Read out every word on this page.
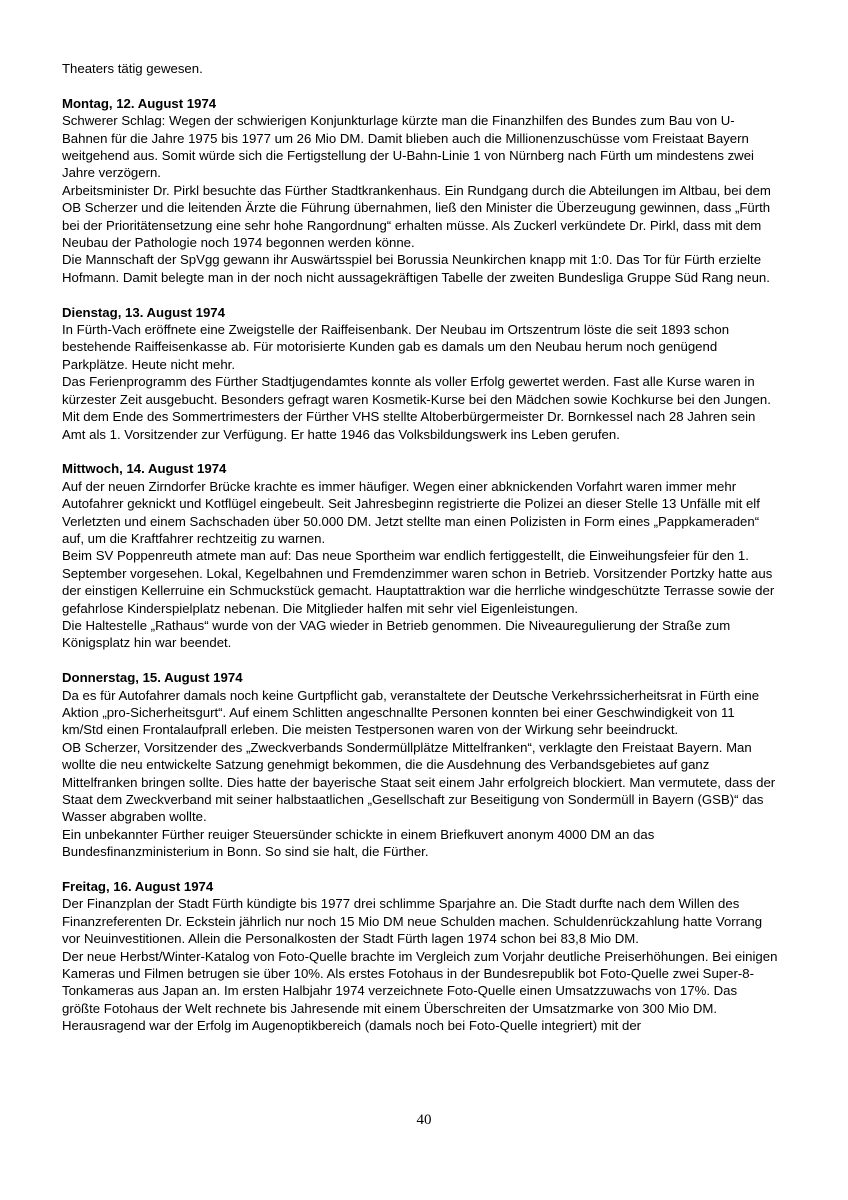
Theaters tätig gewesen.

Montag, 12. August 1974

Schwerer Schlag: Wegen der schwierigen Konjunkturlage kürzte man die Finanzhilfen des Bundes zum Bau von U-Bahnen für die Jahre 1975 bis 1977 um 26 Mio DM. Damit blieben auch die Millionenzuschüsse vom Freistaat Bayern weitgehend aus. Somit würde sich die Fertigstellung der U-Bahn-Linie 1 von Nürnberg nach Fürth um mindestens zwei Jahre verzögern.

Arbeitsminister Dr. Pirkl besuchte das Fürther Stadtkrankenhaus. Ein Rundgang durch die Abteilungen im Altbau, bei dem OB Scherzer und die leitenden Ärzte die Führung übernahmen, ließ den Minister die Überzeugung gewinnen, dass „Fürth bei der Prioritätensetzung eine sehr hohe Rangordnung“ erhalten müsse. Als Zuckerl verkündete Dr. Pirkl, dass mit dem Neubau der Pathologie noch 1974 begonnen werden könne.

Die Mannschaft der SpVgg gewann ihr Auswärtsspiel bei Borussia Neunkirchen knapp mit 1:0. Das Tor für Fürth erzielte Hofmann. Damit belegte man in der noch nicht aussagekräftigen Tabelle der zweiten Bundesliga Gruppe Süd Rang neun.

Dienstag, 13. August 1974

In Fürth-Vach eröffnete eine Zweigstelle der Raiffeisenbank. Der Neubau im Ortszentrum löste die seit 1893 schon bestehende Raiffeisenkasse ab. Für motorisierte Kunden gab es damals um den Neubau herum noch genügend Parkplätze. Heute nicht mehr.

Das Ferienprogramm des Fürther Stadtjugendamtes konnte als voller Erfolg gewertet werden. Fast alle Kurse waren in kürzester Zeit ausgebucht. Besonders gefragt waren Kosmetik-Kurse bei den Mädchen sowie Kochkurse bei den Jungen.

Mit dem Ende des Sommertrimesters der Fürther VHS stellte Altoberbürgermeister Dr. Bornkessel nach 28 Jahren sein Amt als 1. Vorsitzender zur Verfügung. Er hatte 1946 das Volksbildungswerk ins Leben gerufen.

Mittwoch, 14. August 1974

Auf der neuen Zirndorfer Brücke krachte es immer häufiger. Wegen einer abknickenden Vorfahrt waren immer mehr Autofahrer geknickt und Kotflügel eingebeult. Seit Jahresbeginn registrierte die Polizei an dieser Stelle 13 Unfälle mit elf Verletzten und einem Sachschaden über 50.000 DM. Jetzt stellte man einen Polizisten in Form eines „Pappkameraden“ auf, um die Kraftfahrer rechtzeitig zu warnen.

Beim SV Poppenreuth atmete man auf: Das neue Sportheim war endlich fertiggestellt, die Einweihungsfeier für den 1. September vorgesehen. Lokal, Kegelbahnen und Fremdenzimmer waren schon in Betrieb. Vorsitzender Portzky hatte aus der einstigen Kellerruine ein Schmuckstück gemacht. Hauptattraktion war die herrliche windgeschützte Terrasse sowie der gefahrlose Kinderspielplatz nebenan. Die Mitglieder halfen mit sehr viel Eigenleistungen.

Die Haltestelle „Rathaus“ wurde von der VAG wieder in Betrieb genommen. Die Niveauregulierung der Straße zum Königsplatz hin war beendet.

Donnerstag, 15. August 1974

Da es für Autofahrer damals noch keine Gurtpflicht gab, veranstaltete der Deutsche Verkehrssicherheitsrat in Fürth eine Aktion „pro-Sicherheitsgurt“. Auf einem Schlitten angeschnallte Personen konnten bei einer Geschwindigkeit von 11 km/Std einen Frontalaufprall erleben. Die meisten Testpersonen waren von der Wirkung sehr beeindruckt.

OB Scherzer, Vorsitzender des „Zweckverbands Sondermüllplätze Mittelfranken“, verklagte den Freistaat Bayern. Man wollte die neu entwickelte Satzung genehmigt bekommen, die die Ausdehnung des Verbandsgebietes auf ganz Mittelfranken bringen sollte. Dies hatte der bayerische Staat seit einem Jahr erfolgreich blockiert. Man vermutete, dass der Staat dem Zweckverband mit seiner halbstaatlichen „Gesellschaft zur Beseitigung von Sondermüll in Bayern (GSB)“ das Wasser abgraben wollte.

Ein unbekannter Fürther reuiger Steuersünder schickte in einem Briefkuvert anonym 4000 DM an das Bundesfinanzministerium in Bonn. So sind sie halt, die Fürther.

Freitag, 16. August 1974

Der Finanzplan der Stadt Fürth kündigte bis 1977 drei schlimme Sparjahre an. Die Stadt durfte nach dem Willen des Finanzreferenten Dr. Eckstein jährlich nur noch 15 Mio DM neue Schulden machen. Schuldenrückzahlung hatte Vorrang vor Neuinvestitionen. Allein die Personalkosten der Stadt Fürth lagen 1974 schon bei 83,8 Mio DM.

Der neue Herbst/Winter-Katalog von Foto-Quelle brachte im Vergleich zum Vorjahr deutliche Preiserhöhungen. Bei einigen Kameras und Filmen betrugen sie über 10%. Als erstes Fotohaus in der Bundesrepublik bot Foto-Quelle zwei Super-8-Tonkameras aus Japan an. Im ersten Halbjahr 1974 verzeichnete Foto-Quelle einen Umsatzzuwachs von 17%. Das größte Fotohaus der Welt rechnete bis Jahresende mit einem Überschreiten der Umsatzmarke von 300 Mio DM. Herausragend war der Erfolg im Augenoptikbereich (damals noch bei Foto-Quelle integriert) mit der

40
